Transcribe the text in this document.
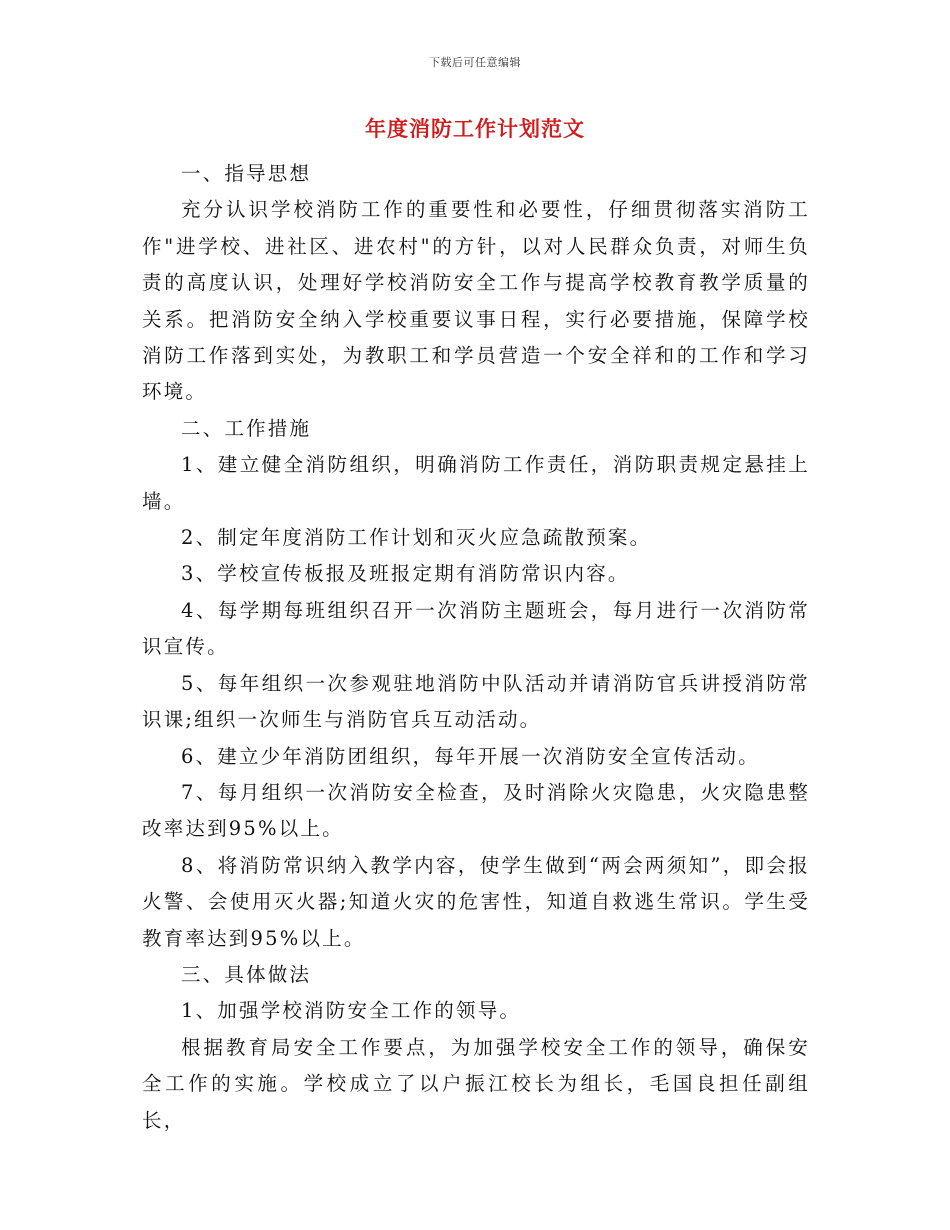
下载后可任意编辑
年度消防工作计划范文

一、指导思想

充分认识学校消防工作的重要性和必要性，仔细贯彻落实消防工作"进学校、进社区、进农村"的方针，以对人民群众负责，对师生负责的高度认识，处理好学校消防安全工作与提高学校教育教学质量的关系。把消防安全纳入学校重要议事日程，实行必要措施，保障学校消防工作落到实处，为教职工和学员营造一个安全祥和的工作和学习环境。

二、工作措施

1、建立健全消防组织，明确消防工作责任，消防职责规定悬挂上墙。

2、制定年度消防工作计划和灭火应急疏散预案。

3、学校宣传板报及班报定期有消防常识内容。

4、每学期每班组织召开一次消防主题班会，每月进行一次消防常识宣传。

5、每年组织一次参观驻地消防中队活动并请消防官兵讲授消防常识课;组织一次师生与消防官兵互动活动。

6、建立少年消防团组织，每年开展一次消防安全宣传活动。

7、每月组织一次消防安全检查，及时消除火灾隐患，火灾隐患整改率达到95%以上。

8、将消防常识纳入教学内容，使学生做到“两会两须知”，即会报火警、会使用灭火器;知道火灾的危害性，知道自救逃生常识。学生受教育率达到95%以上。

三、具体做法

1、加强学校消防安全工作的领导。

根据教育局安全工作要点，为加强学校安全工作的领导，确保安全工作的实施。学校成立了以户振江校长为组长，毛国良担任副组长，
